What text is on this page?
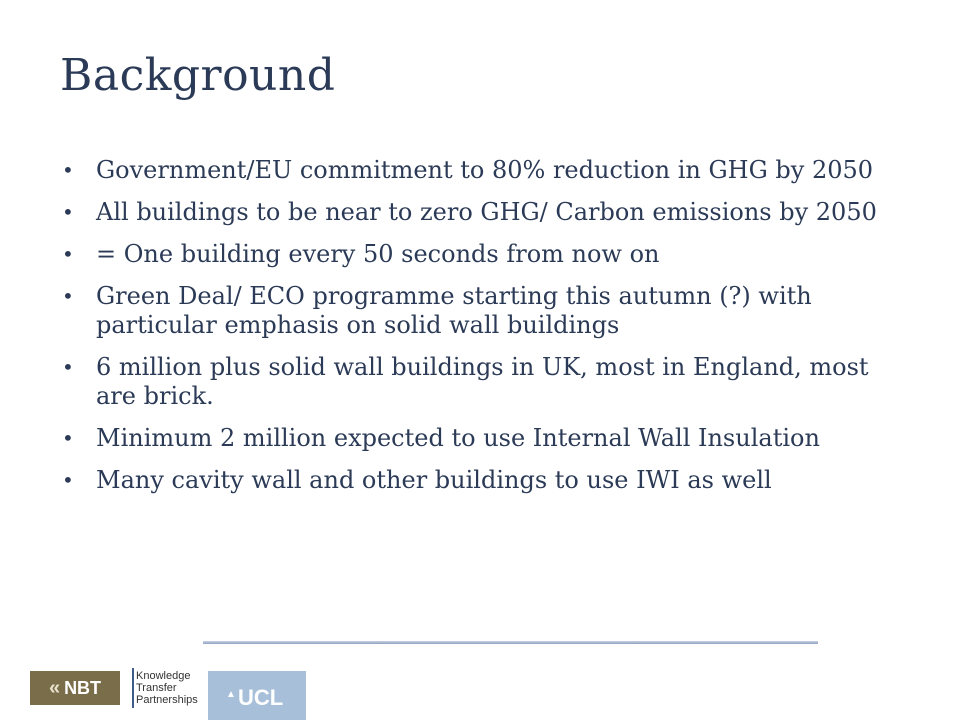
Background
• Government/EU commitment to 80% reduction in GHG by 2050
• All buildings to be near to zero GHG/ Carbon emissions by 2050
• = One building every 50 seconds from now on
• Green Deal/ ECO programme starting this autumn (?) with particular emphasis on solid wall buildings
• 6 million plus solid wall buildings in UK, most in England, most are brick.
• Minimum 2 million expected to use Internal Wall Insulation
• Many cavity wall and other buildings to use IWI as well
« NBT
Knowledge
Transfer
Partnerships	▲ UCL
